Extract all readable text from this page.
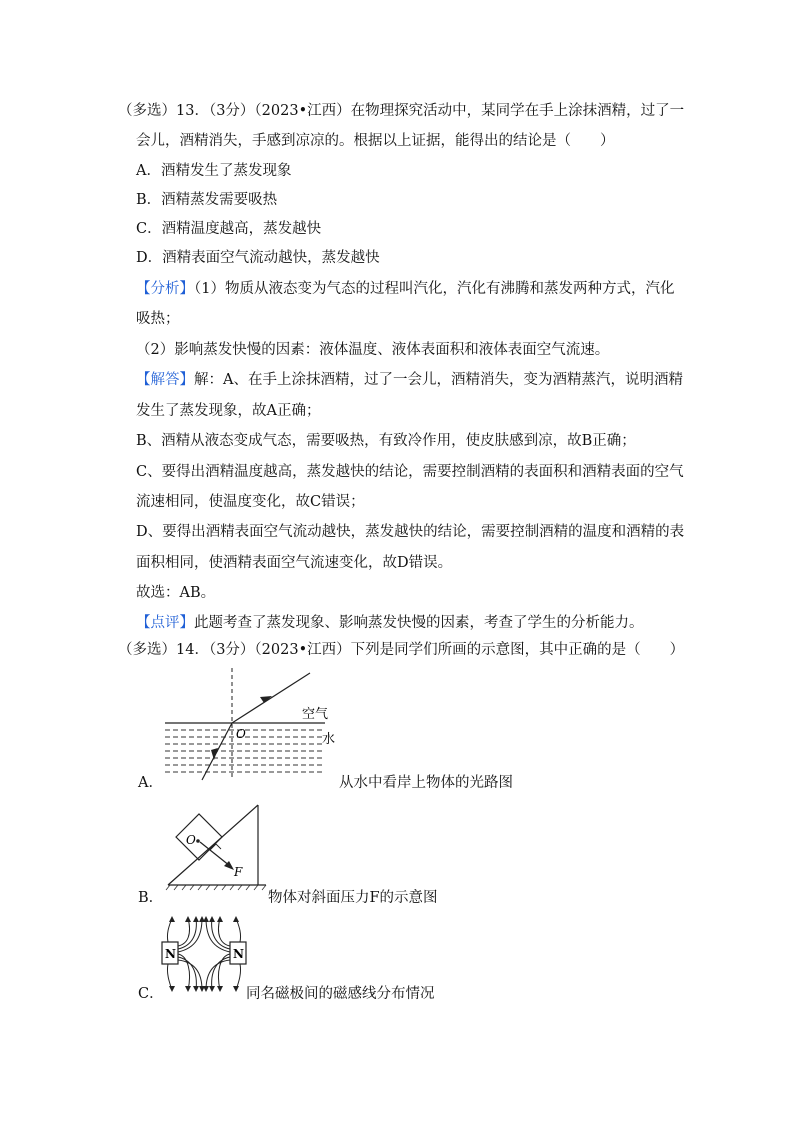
（多选）13．（3分）（2023•江西）在物理探究活动中，某同学在手上涂抹酒精，过了一
会儿，酒精消失，手感到凉凉的。根据以上证据，能得出的结论是（　　）
A．酒精发生了蒸发现象
B．酒精蒸发需要吸热
C．酒精温度越高，蒸发越快
D．酒精表面空气流动越快，蒸发越快
【分析】（1）物质从液态变为气态的过程叫汽化，汽化有沸腾和蒸发两种方式，汽化
吸热；
（2）影响蒸发快慢的因素：液体温度、液体表面积和液体表面空气流速。
【解答】解：A、在手上涂抹酒精，过了一会儿，酒精消失，变为酒精蒸汽，说明酒精
发生了蒸发现象，故A正确；
B、酒精从液态变成气态，需要吸热，有致冷作用，使皮肤感到凉，故B正确；
C、要得出酒精温度越高，蒸发越快的结论，需要控制酒精的表面积和酒精表面的空气
流速相同，使温度变化，故C错误；
D、要得出酒精表面空气流动越快，蒸发越快的结论，需要控制酒精的温度和酒精的表
面积相同，使酒精表面空气流速变化，故D错误。
故选：AB。
【点评】此题考查了蒸发现象、影响蒸发快慢的因素，考查了学生的分析能力。
（多选）14．（3分）（2023•江西）下列是同学们所画的示意图，其中正确的是（　　）
O
空气
水
A．	从水中看岸上物体的光路图
O
F
B．	物体对斜面压力F的示意图
N	N
C．	同名磁极间的磁感线分布情况
